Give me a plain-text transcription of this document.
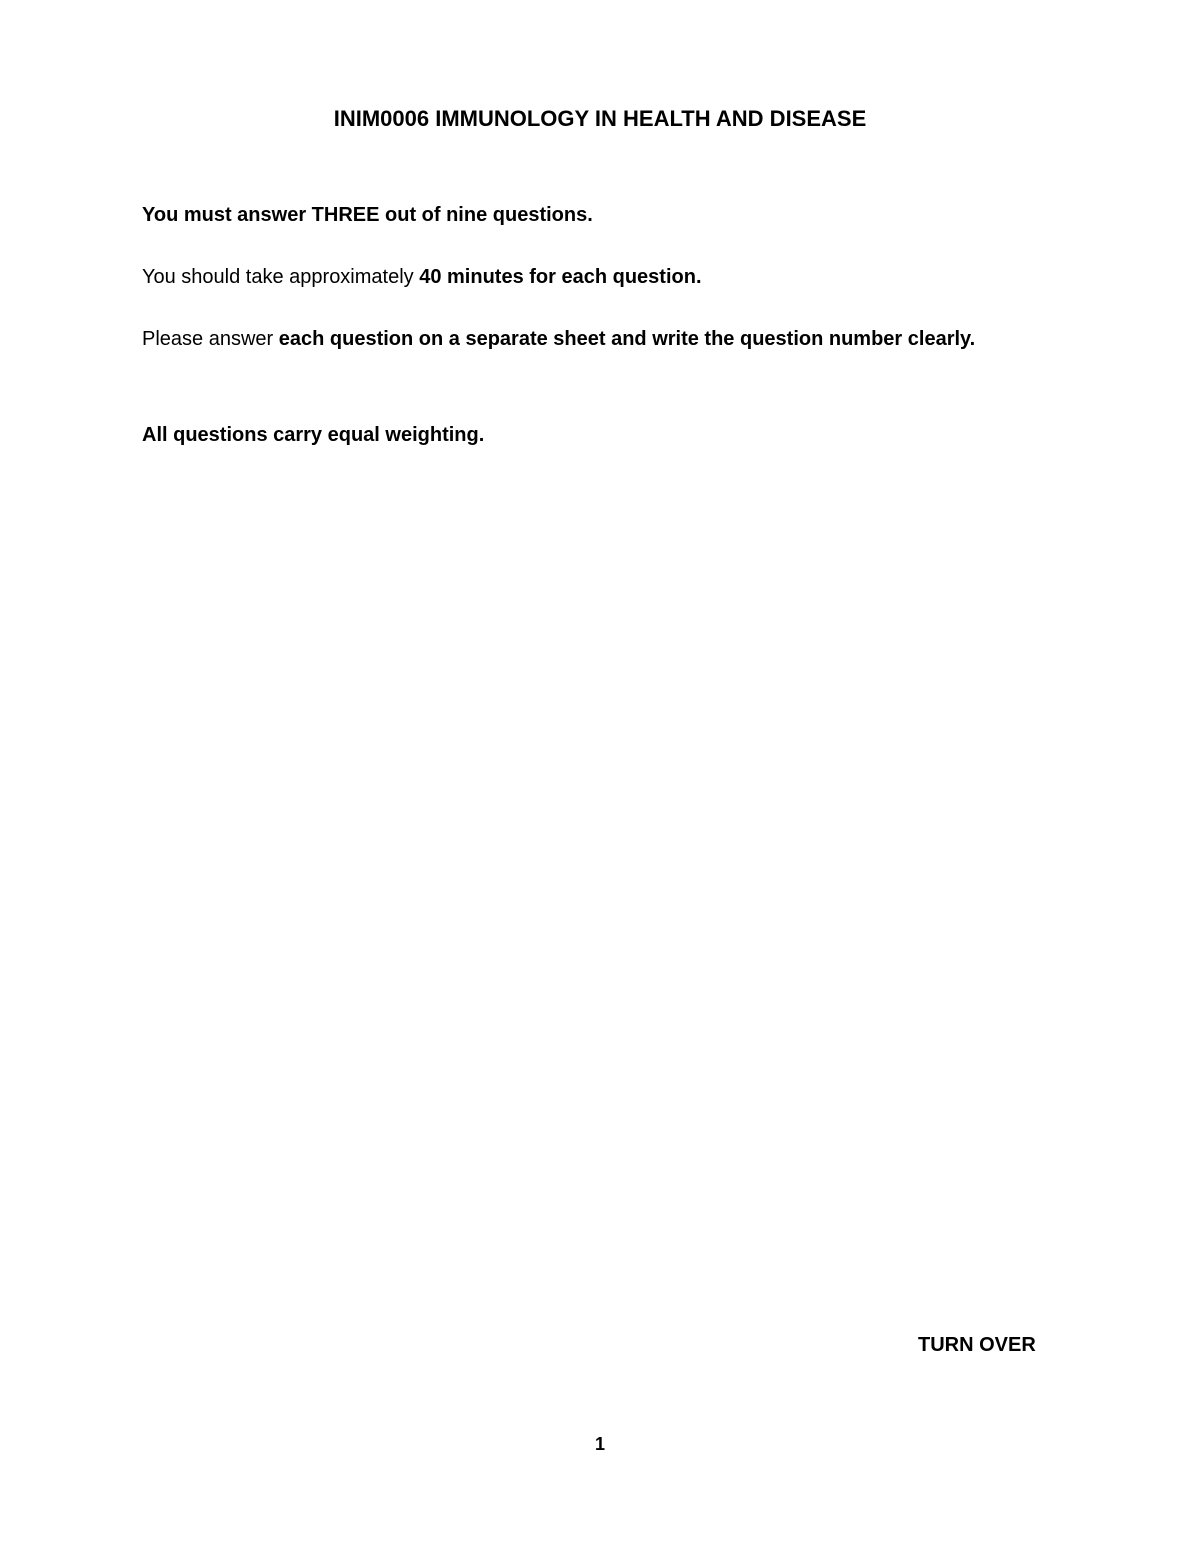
INIM0006 IMMUNOLOGY IN HEALTH AND DISEASE
You must answer THREE out of nine questions.
You should take approximately 40 minutes for each question.
Please answer each question on a separate sheet and write the question number clearly.
All questions carry equal weighting.
TURN OVER
1
